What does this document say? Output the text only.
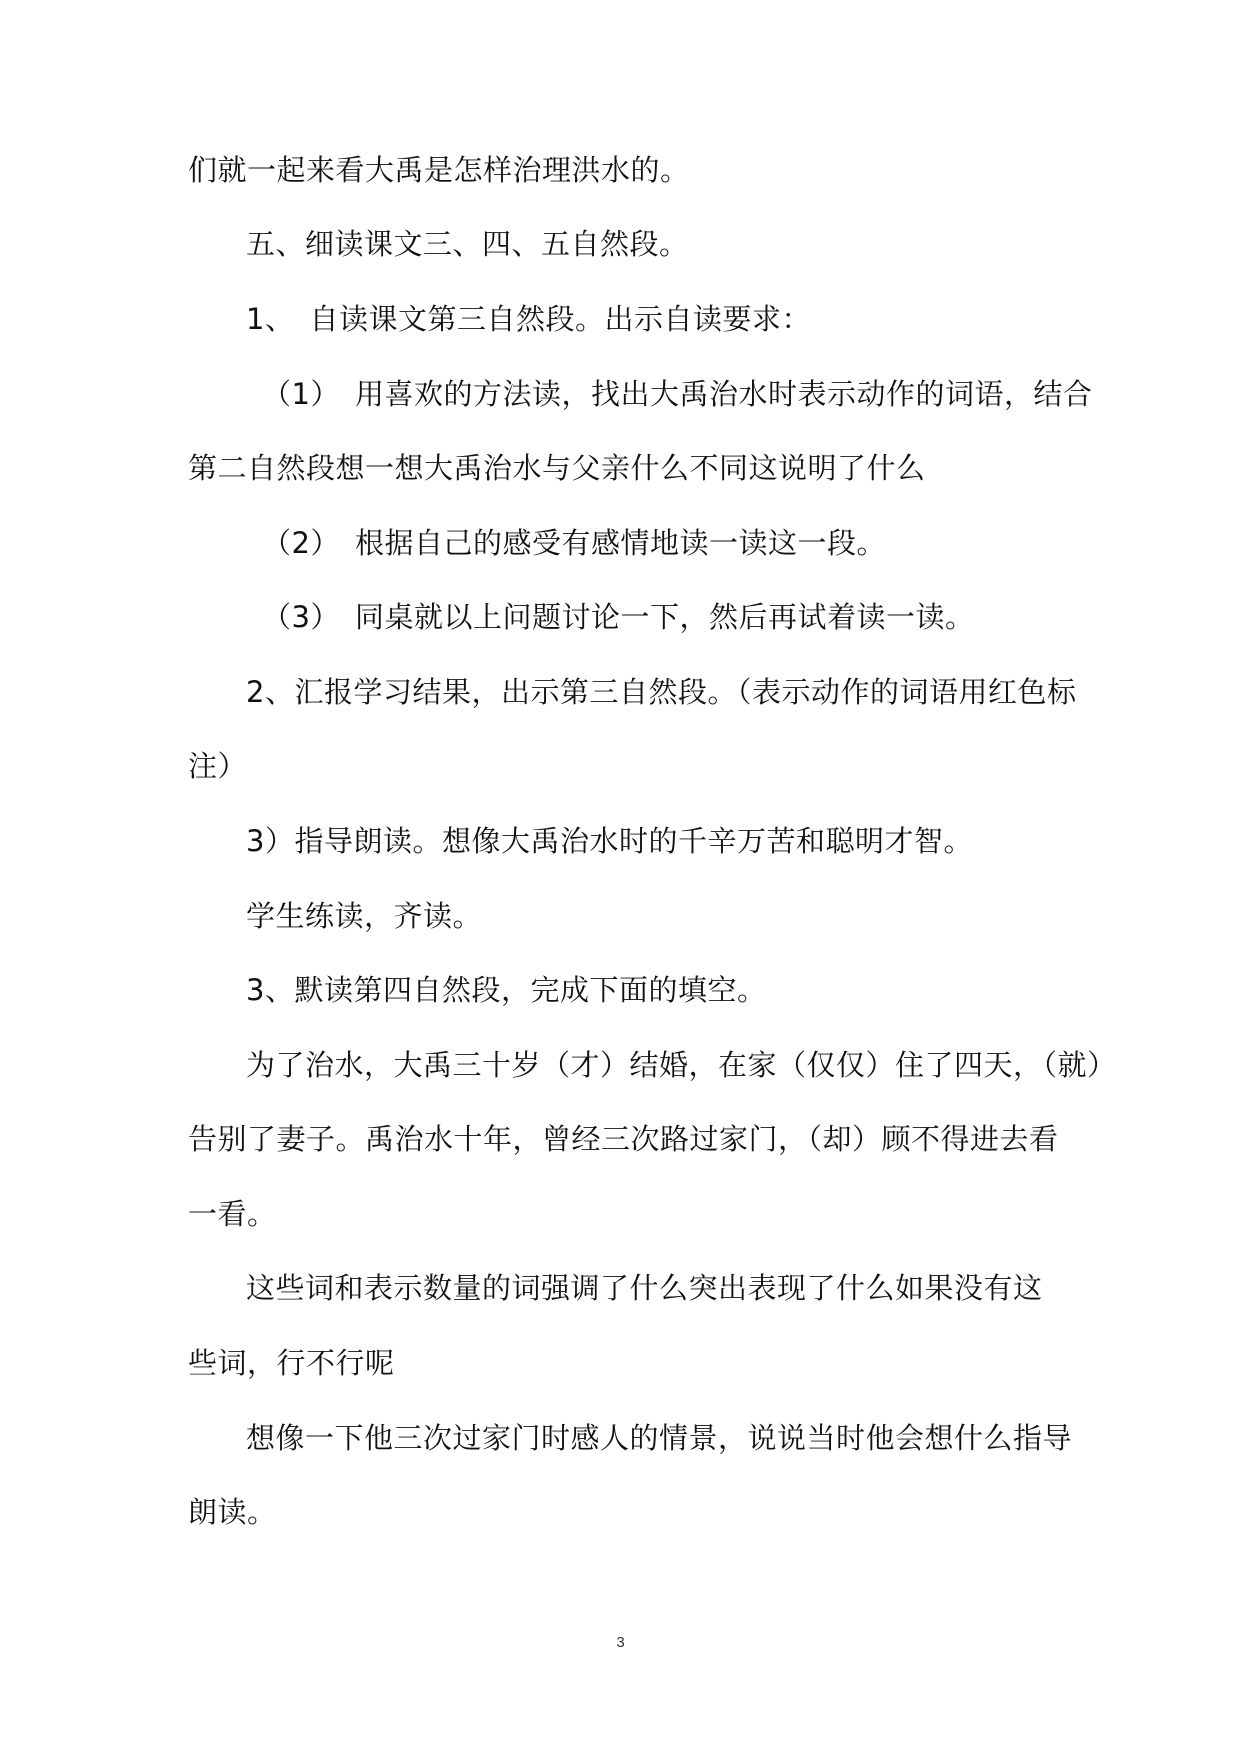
们就一起来看大禹是怎样治理洪水的。
五、细读课文三、四、五自然段。
1、　自读课文第三自然段。出示自读要求：
（1）　用喜欢的方法读，找出大禹治水时表示动作的词语，结合
第二自然段想一想大禹治水与父亲什么不同这说明了什么
（2）　根据自己的感受有感情地读一读这一段。
（3）　同桌就以上问题讨论一下，然后再试着读一读。
2、汇报学习结果，出示第三自然段。（表示动作的词语用红色标
注）
3）指导朗读。想像大禹治水时的千辛万苦和聪明才智。
学生练读，齐读。
3、默读第四自然段，完成下面的填空。
为了治水，大禹三十岁（才）结婚，在家（仅仅）住了四天，（就）
告别了妻子。禹治水十年，曾经三次路过家门，（却）顾不得进去看
一看。
这些词和表示数量的词强调了什么突出表现了什么如果没有这
些词，行不行呢
想像一下他三次过家门时感人的情景，说说当时他会想什么指导
朗读。
3
